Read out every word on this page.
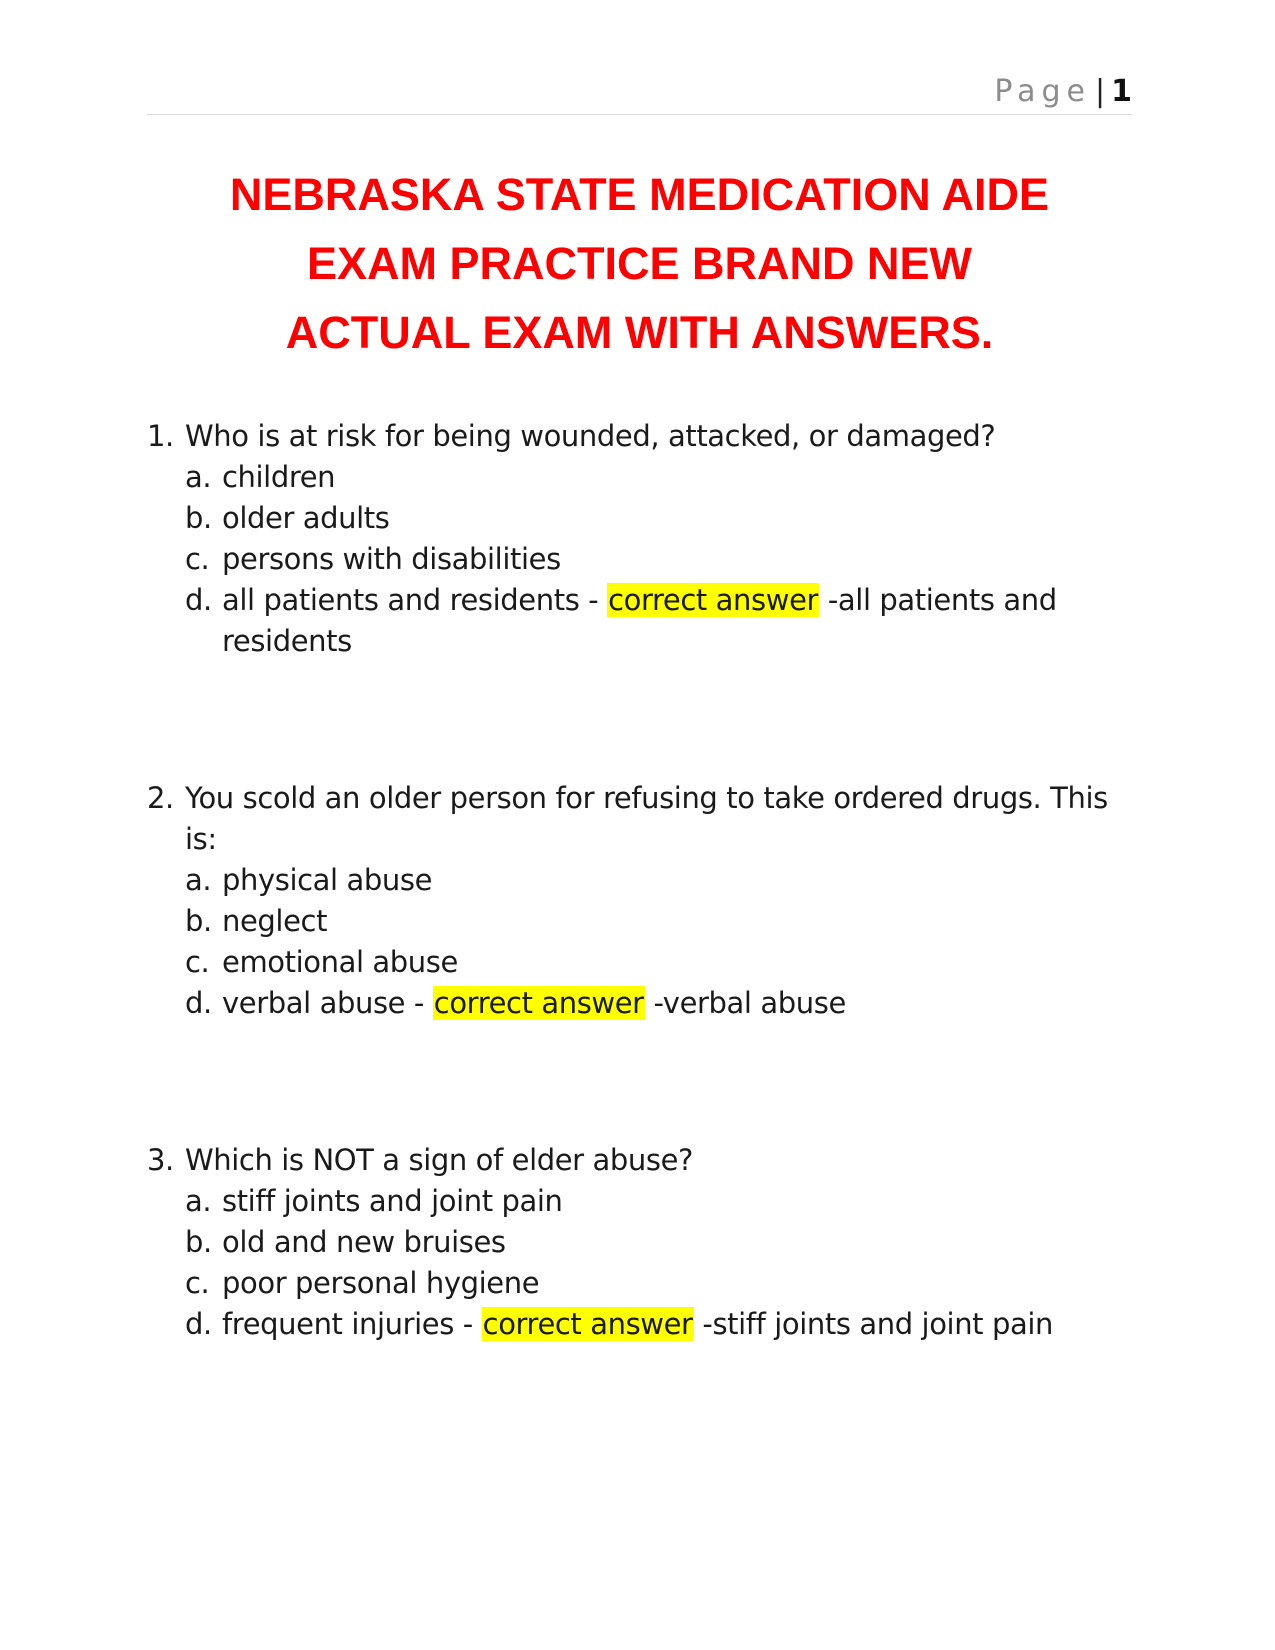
Page | 1
NEBRASKA STATE MEDICATION AIDE
EXAM PRACTICE BRAND NEW
ACTUAL EXAM WITH ANSWERS.
1. Who is at risk for being wounded, attacked, or damaged?
a. children
b. older adults
c. persons with disabilities
d. all patients and residents - correct answer -all patients and residents
2. You scold an older person for refusing to take ordered drugs. This is:
a. physical abuse
b. neglect
c. emotional abuse
d. verbal abuse - correct answer -verbal abuse
3. Which is NOT a sign of elder abuse?
a. stiff joints and joint pain
b. old and new bruises
c. poor personal hygiene
d. frequent injuries - correct answer -stiff joints and joint pain
